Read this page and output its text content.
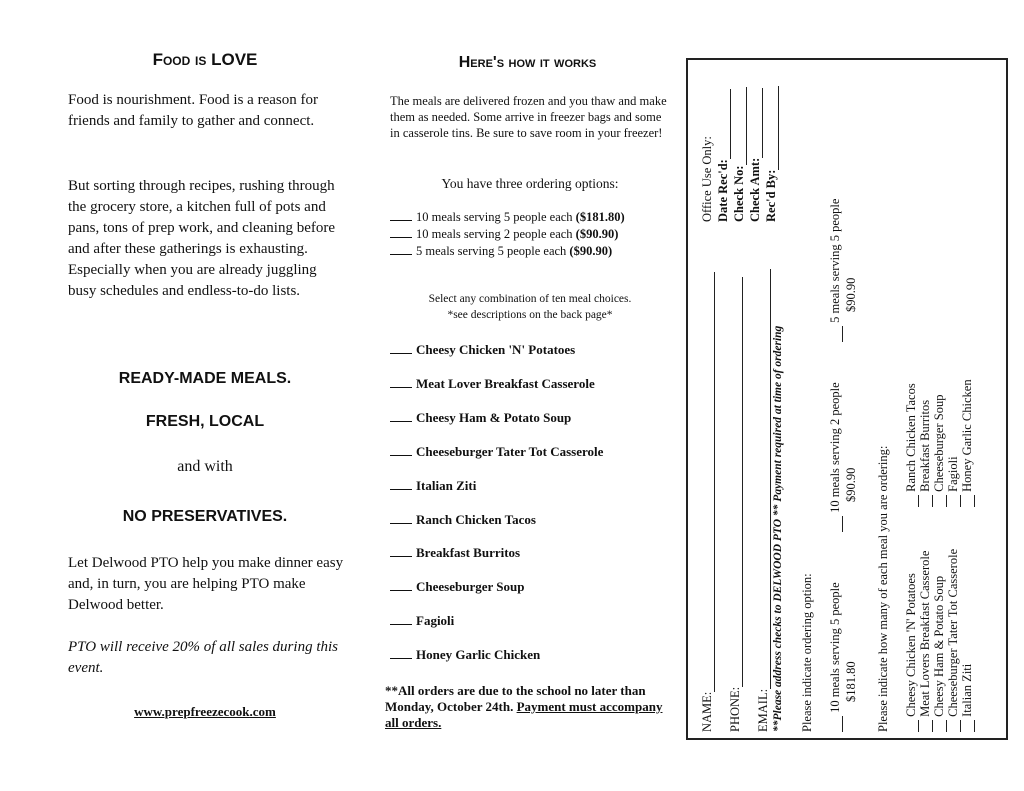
Food is LOVE
Food is nourishment. Food is a reason for friends and family to gather and connect.
But sorting through recipes, rushing through the grocery store, a kitchen full of pots and pans, tons of prep work, and cleaning before and after these gatherings is exhausting. Especially when you are already juggling busy schedules and endless-to-do lists.
READY-MADE MEALS.
FRESH, LOCAL
and with
NO PRESERVATIVES.
Let Delwood PTO help you make dinner easy and, in turn, you are helping PTO make Delwood better.
PTO will receive 20% of all sales during this event.
www.prepfreezecook.com
Here's how it works
The meals are delivered frozen and you thaw and make them as needed. Some arrive in freezer bags and some in casserole tins. Be sure to save room in your freezer!
You have three ordering options:
10 meals serving 5 people each ($181.80)
10 meals serving 2 people each ($90.90)
5 meals serving 5 people each ($90.90)
Select any combination of ten meal choices.
*see descriptions on the back page*
Cheesy Chicken 'N' Potatoes
Meat Lover Breakfast Casserole
Cheesy Ham & Potato Soup
Cheeseburger Tater Tot Casserole
Italian Ziti
Ranch Chicken Tacos
Breakfast Burritos
Cheeseburger Soup
Fagioli
Honey Garlic Chicken
**All orders are due to the school no later than Monday, October 24th. Payment must accompany all orders.
Office Use Only: Date Rec'd: Check No: Check Amt: Rec'd By:
NAME: PHONE: EMAIL: **Please address checks to DELWOOD PTO ** Payment required at time of ordering Please indicate ordering option: 10 meals serving 5 people $181.80
10 meals serving 2 people $90.90
5 meals serving 5 people $90.90
Please indicate how many of each meal you are ordering: Cheesy Chicken 'N' Potatoes Meat Lovers Breakfast Casserole Cheesy Ham & Potato Soup Cheeseburger Tater Tot Casserole Italian Ziti
Ranch Chicken Tacos Breakfast Burritos Cheeseburger Soup Fagioli Honey Garlic Chicken
